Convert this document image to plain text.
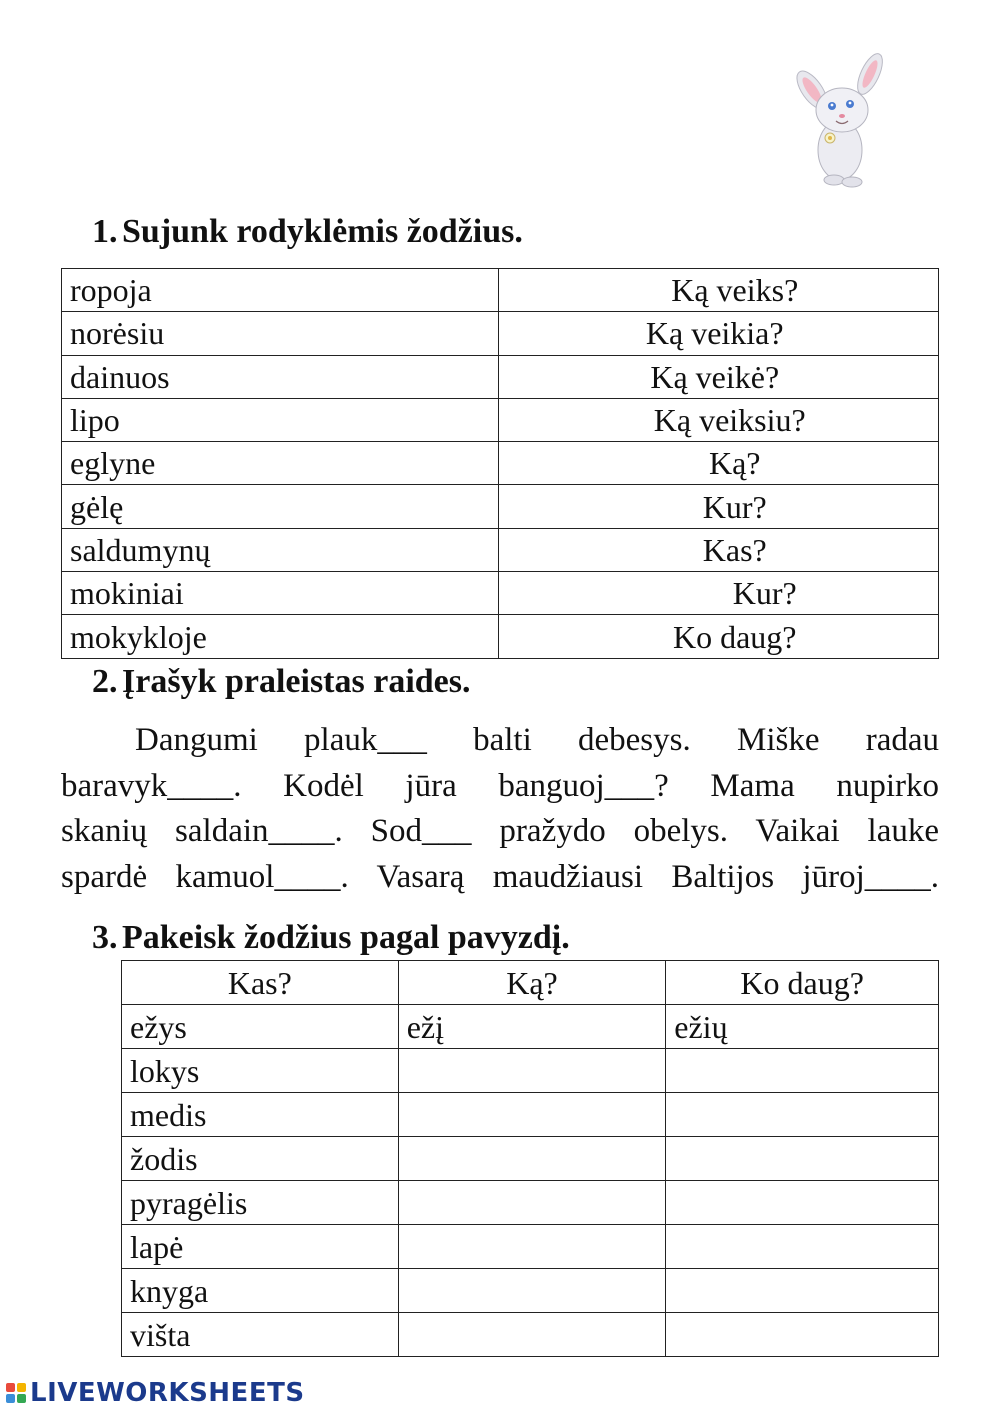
1. Sujunk rodyklėmis žodžius.
ropoja	Ką veiks?
norėsiu	Ką veikia?
dainuos	Ką veikė?
lipo	Ką veiksiu?
eglyne	Ką?
gėlę	Kur?
saldumynų	Kas?
mokiniai	Kur?
mokykloje	Ko daug?
2. Įrašyk praleistas raides.
Dangumi plauk___ balti debesys. Miške radau
baravyk____. Kodėl jūra banguoj___? Mama nupirko
skanių saldain____. Sod___ pražydo obelys. Vaikai lauke
spardė kamuol____. Vasarą maudžiausi Baltijos jūroj____.
3. Pakeisk žodžius pagal pavyzdį.
Kas?	Ką?	Ko daug?
ežys	ežį	ežių
lokys		
medis		
žodis		
pyragėlis		
lapė		
knyga		
višta		
LIVEWORKSHEETS
